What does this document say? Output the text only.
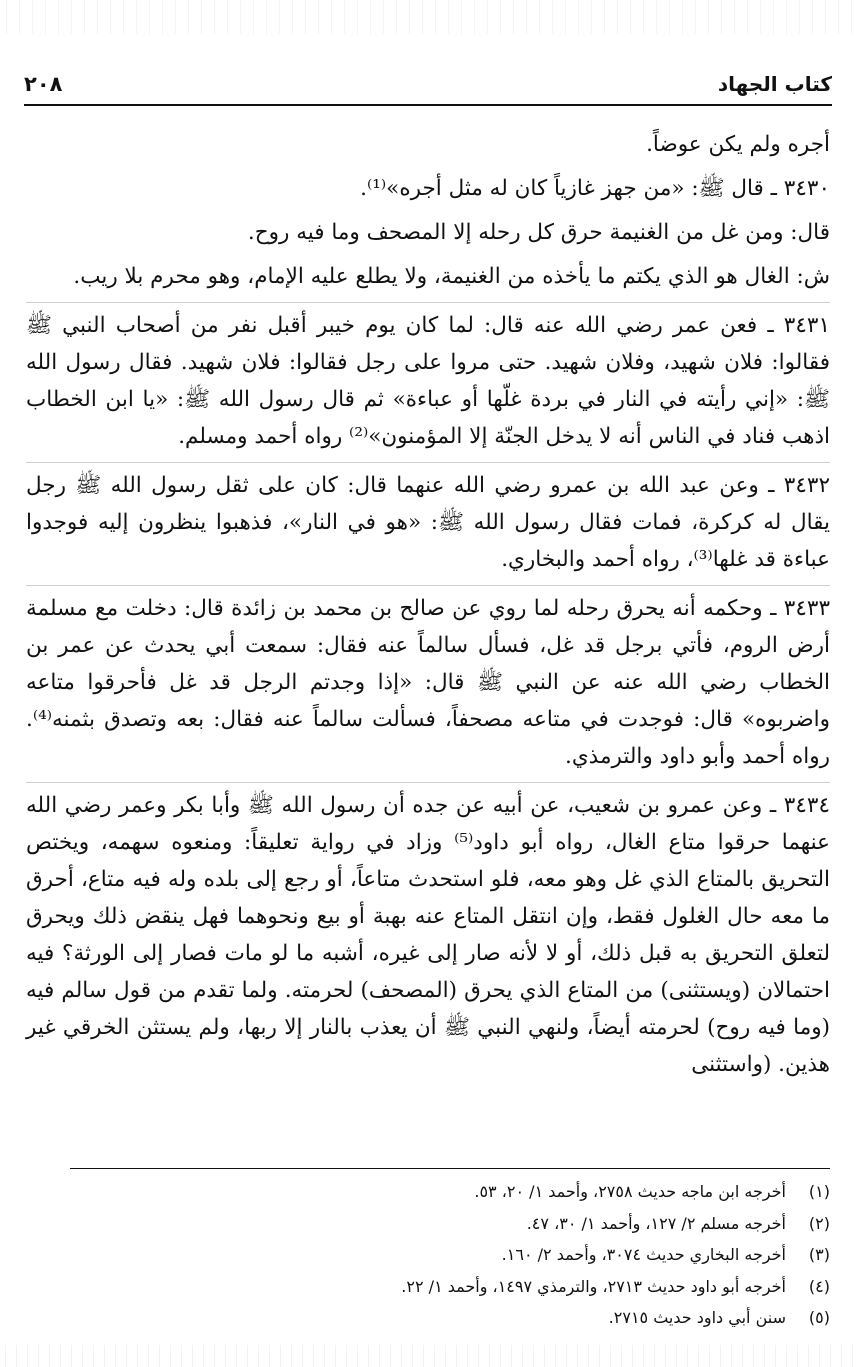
كتاب الجهاد
٢٠٨

أجره ولم يكن عوضاً.

٣٤٣٠ ـ قال ﷺ: «من جهز غازياً كان له مثل أجره»⁽¹⁾.

قال: ومن غل من الغنيمة حرق كل رحله إلا المصحف وما فيه روح.

ش: الغال هو الذي يكتم ما يأخذه من الغنيمة، ولا يطلع عليه الإمام، وهو محرم بلا ريب.

٣٤٣١ ـ فعن عمر رضي الله عنه قال: لما كان يوم خيبر أقبل نفر من أصحاب النبي ﷺ فقالوا: فلان شهيد، وفلان شهيد. حتى مروا على رجل فقالوا: فلان شهيد. فقال رسول الله ﷺ: «إني رأيته في النار في بردة غلّها أو عباءة» ثم قال رسول الله ﷺ: «يا ابن الخطاب اذهب فناد في الناس أنه لا يدخل الجنّة إلا المؤمنون»⁽²⁾ رواه أحمد ومسلم.

٣٤٣٢ ـ وعن عبد الله بن عمرو رضي الله عنهما قال: كان على ثقل رسول الله ﷺ رجل يقال له كركرة، فمات فقال رسول الله ﷺ: «هو في النار»، فذهبوا ينظرون إليه فوجدوا عباءة قد غلها⁽³⁾، رواه أحمد والبخاري.

٣٤٣٣ ـ وحكمه أنه يحرق رحله لما روي عن صالح بن محمد بن زائدة قال: دخلت مع مسلمة أرض الروم، فأتي برجل قد غل، فسأل سالماً عنه فقال: سمعت أبي يحدث عن عمر بن الخطاب رضي الله عنه عن النبي ﷺ قال: «إذا وجدتم الرجل قد غل فأحرقوا متاعه واضربوه» قال: فوجدت في متاعه مصحفاً، فسألت سالماً عنه فقال: بعه وتصدق بثمنه⁽⁴⁾. رواه أحمد وأبو داود والترمذي.

٣٤٣٤ ـ وعن عمرو بن شعيب، عن أبيه عن جده أن رسول الله ﷺ وأبا بكر وعمر رضي الله عنهما حرقوا متاع الغال، رواه أبو داود⁽⁵⁾ وزاد في رواية تعليقاً: ومنعوه سهمه، ويختص التحريق بالمتاع الذي غل وهو معه، فلو استحدث متاعاً، أو رجع إلى بلده وله فيه متاع، أحرق ما معه حال الغلول فقط، وإن انتقل المتاع عنه بهبة أو بيع ونحوهما فهل ينقض ذلك ويحرق لتعلق التحريق به قبل ذلك، أو لا لأنه صار إلى غيره، أشبه ما لو مات فصار إلى الورثة؟ فيه احتمالان (ويستثنى) من المتاع الذي يحرق (المصحف) لحرمته. ولما تقدم من قول سالم فيه (وما فيه روح) لحرمته أيضاً، ولنهي النبي ﷺ أن يعذب بالنار إلا ربها، ولم يستثن الخرقي غير هذين. (واستثنى

(١)
أخرجه ابن ماجه حديث ٢٧٥٨، وأحمد ١/ ٢٠، ٥٣.
(٢)
أخرجه مسلم ٢/ ١٢٧، وأحمد ١/ ٣٠، ٤٧.
(٣)
أخرجه البخاري حديث ٣٠٧٤، وأحمد ٢/ ١٦٠.
(٤)
أخرجه أبو داود حديث ٢٧١٣، والترمذي ١٤٩٧، وأحمد ١/ ٢٢.
(٥)
سنن أبي داود حديث ٢٧١٥.
